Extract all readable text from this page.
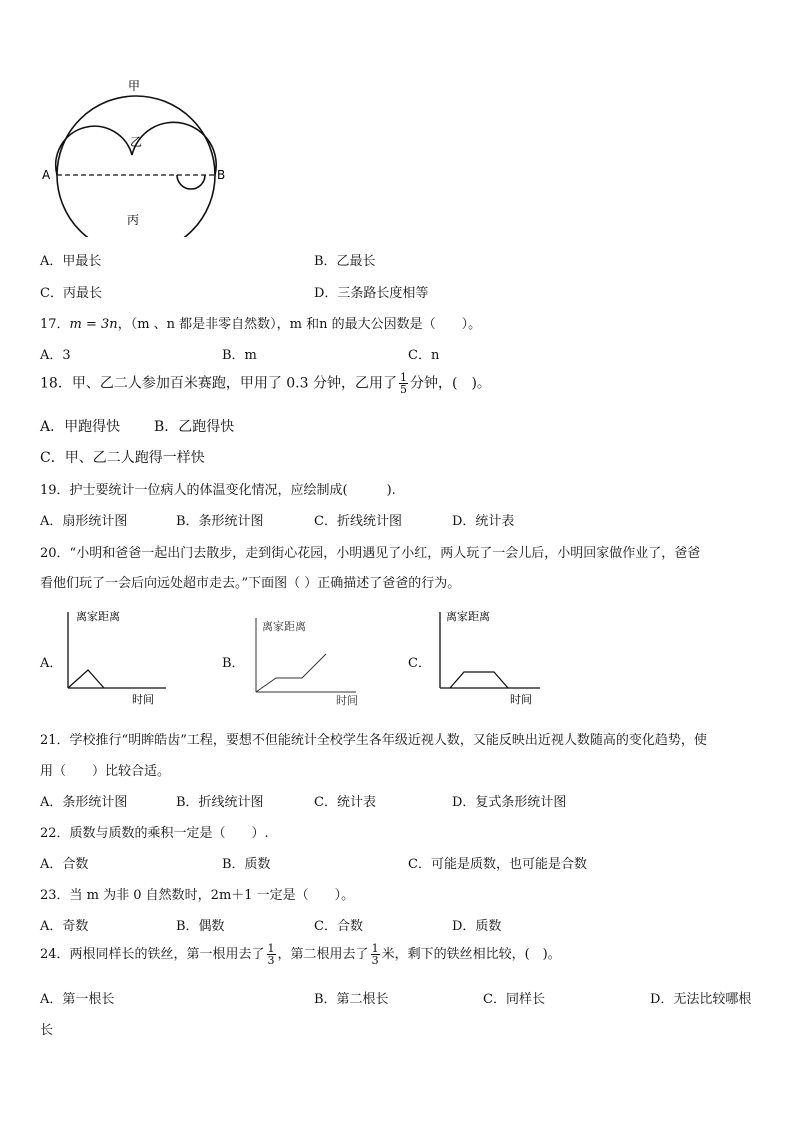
甲
乙
丙
A	B
A．甲最长	B．乙最长
C．丙最长	D．三条路长度相等
17．m = 3n，（m 、n 都是非零自然数），m 和n 的最大公因数是（　　）。
A．3	B．m	C．n
18．甲、乙二人参加百米赛跑，甲用了 0.3 分钟，乙用了 $\frac{1}{5}$ 分钟，(　)。
A．甲跑得快 B．乙跑得快
C．甲、乙二人跑得一样快
19．护士要统计一位病人的体温变化情况，应绘制成(　　　).
A．扇形统计图	B．条形统计图	C．折线统计图	D．统计表
20．“小明和爸爸一起出门去散步，走到街心花园，小明遇见了小红，两人玩了一会儿后，小明回家做作业了，爸爸
看他们玩了一会后向远处超市走去。”下面图（ ）正确描述了爸爸的行为。
A．
离家距离
时间
B．
离家距离
时间
C．
离家距离
时间
21．学校推行“明眸皓齿”工程，要想不但能统计全校学生各年级近视人数，又能反映出近视人数随高的变化趋势，使
用（　　）比较合适。
A．条形统计图	B．折线统计图	C．统计表	D．复式条形统计图
22．质数与质数的乘积一定是（　　）.
A．合数	B．质数	C．可能是质数，也可能是合数
23．当 m 为非 0 自然数时，2m＋1 一定是（　　）。
A．奇数	B．偶数	C．合数	D．质数
24．两根同样长的铁丝，第一根用去了 $\frac{1}{3}$ ，第二根用去了 $\frac{1}{3}$ 米，剩下的铁丝相比较，(　)。
A．第一根长	B．第二根长	C．同样长	D．无法比较哪根
长
